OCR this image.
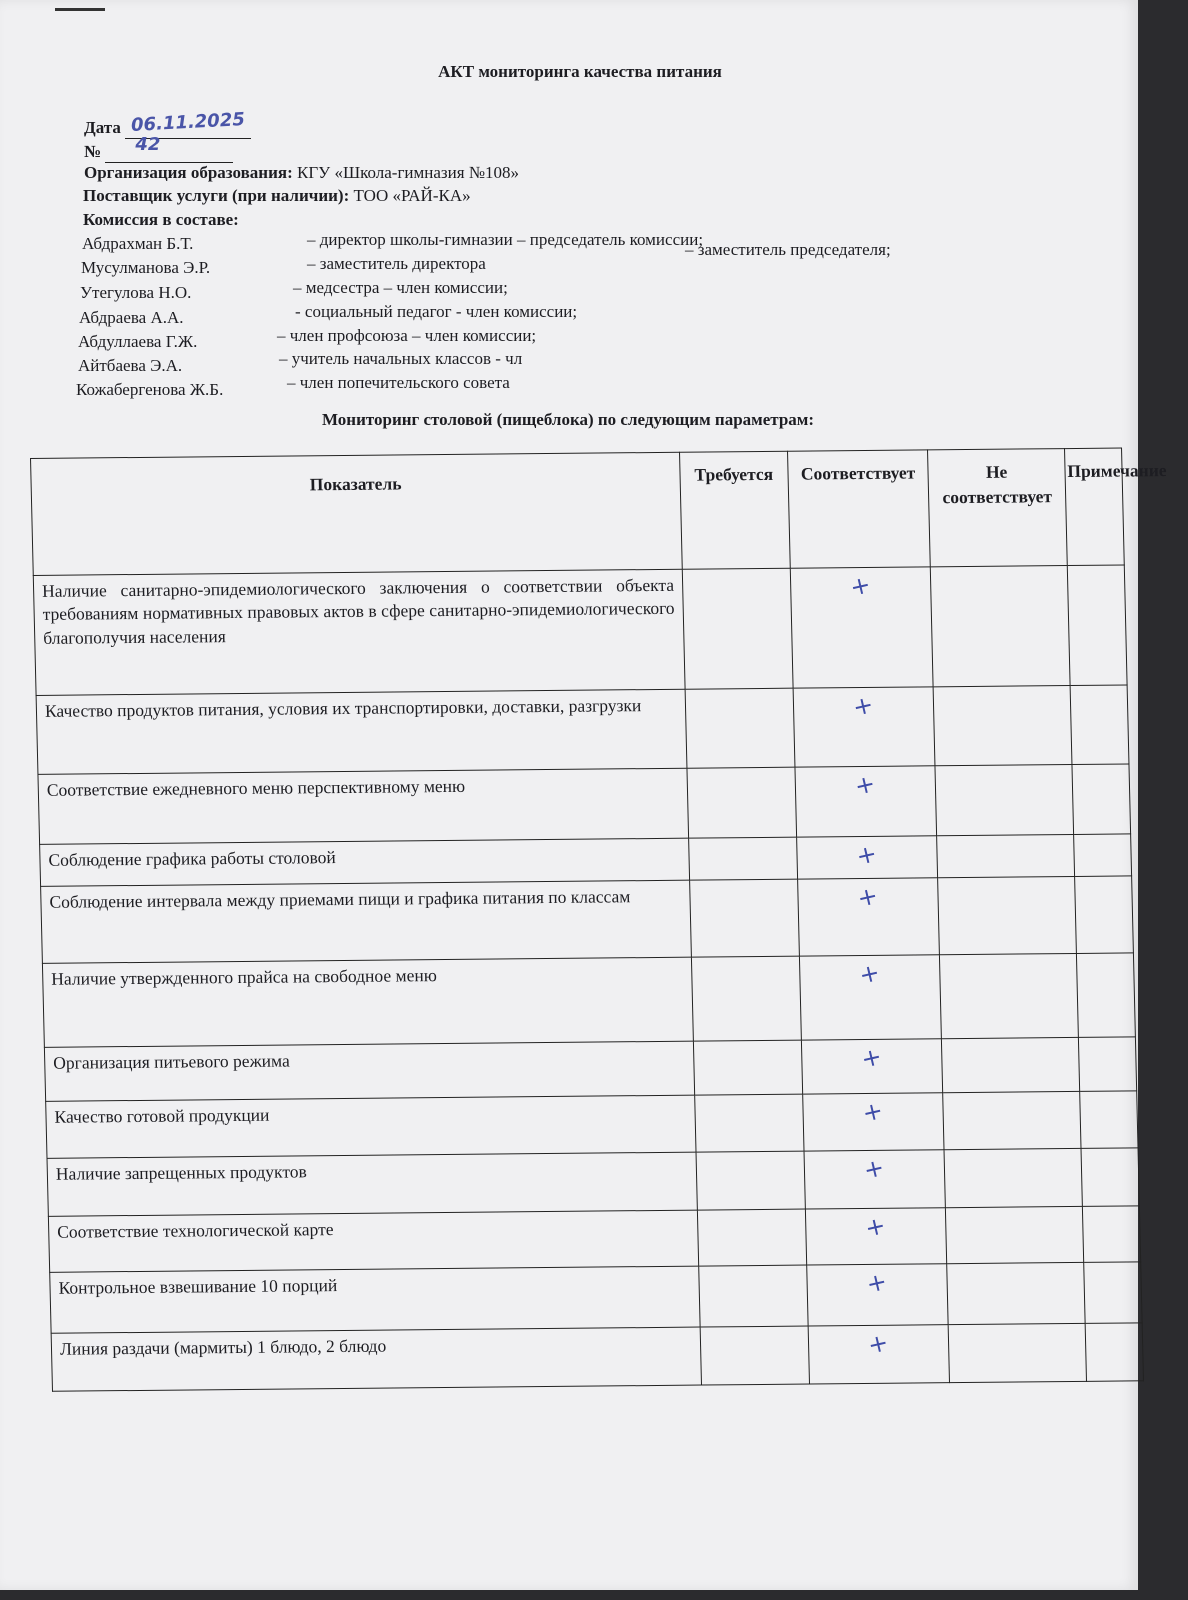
АКТ мониторинга качества питания
Дата 06.11.2025

№ 42

Организация образования: КГУ «Школа-гимназия №108»
Поставщик услуги (при наличии): ТОО «РАЙ-КА»
Комиссия в составе:
Абдрахман Б.Т.	– директор школы-гимназии – председатель комиссии;
Мусулманова Э.Р.	– заместитель директора
– заместитель председателя;
Утегулова Н.О.	– медсестра – член комиссии;
Абдраева А.А.	- социальный педагог - член комиссии;
Абдуллаева Г.Ж.	– член профсоюза – член комиссии;
Айтбаева Э.А.	– учитель начальных классов - чл
Кожабергенова Ж.Б.	– член попечительского совета
Мониторинг столовой (пищеблока) по следующим параметрам:
Показатель	Требуется	Соответствует	Не соответствует	Примечание
Наличие санитарно-эпидемиологического заключения о соответствии объекта требованиям нормативных правовых актов в сфере санитарно-эпидемиологического благополучия населения		+		
Качество продуктов питания, условия их транспортировки, доставки, разгрузки		+		
Соответствие ежедневного меню перспективному меню		+		
Соблюдение графика работы столовой		+		
Соблюдение интервала между приемами пищи и графика питания по классам		+		
Наличие утвержденного прайса на свободное меню		+		
Организация питьевого режима		+		
Качество готовой продукции		+		
Наличие запрещенных продуктов		+		
Соответствие технологической карте		+		
Контрольное взвешивание 10 порций		+		
Линия раздачи (мармиты) 1 блюдо, 2 блюдо		+		
